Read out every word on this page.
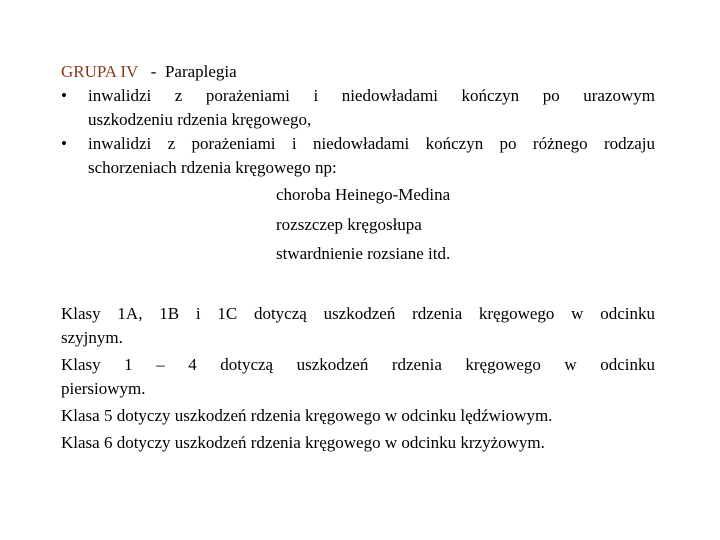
GRUPA IV - Paraplegia
• inwalidzi z porażeniami i niedowładami kończyn po urazowym
uszkodzeniu rdzenia kręgowego,
• inwalidzi z porażeniami i niedowładami kończyn po różnego rodzaju
schorzeniach rdzenia kręgowego np:
choroba Heinego-Medina
rozszczep kręgosłupa
stwardnienie rozsiane itd.
Klasy 1A, 1B i 1C dotyczą uszkodzeń rdzenia kręgowego w odcinku
szyjnym.
Klasy 1 – 4 dotyczą uszkodzeń rdzenia kręgowego w odcinku
piersiowym.
Klasa 5 dotyczy uszkodzeń rdzenia kręgowego w odcinku lędźwiowym.
Klasa 6 dotyczy uszkodzeń rdzenia kręgowego w odcinku krzyżowym.
